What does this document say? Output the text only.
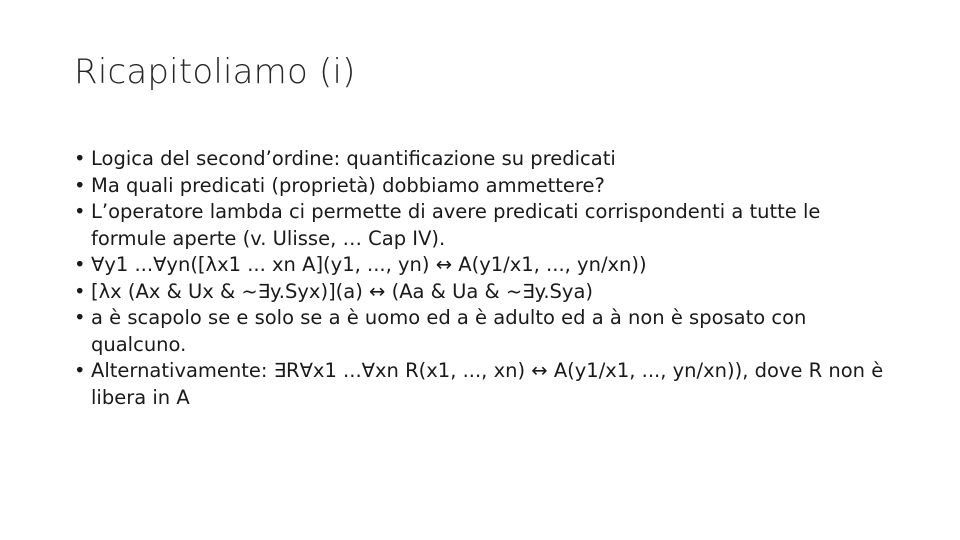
Ricapitoliamo (i)
• Logica del second’ordine: quantificazione su predicati
• Ma quali predicati (proprietà) dobbiamo ammettere?
• L’operatore lambda ci permette di avere predicati corrispondenti a tutte le formule aperte (v. Ulisse, … Cap IV).
• ∀y1 ...∀yn([λx1 ... xn A](y1, ..., yn) ↔ A(y1/x1, ..., yn/xn))
• [λx (Ax & Ux & ~∃y.Syx)](a) ↔ (Aa & Ua & ~∃y.Sya)
• a è scapolo se e solo se a è uomo ed a è adulto ed a à non è sposato con qualcuno.
• Alternativamente: ∃R∀x1 ...∀xn R(x1, ..., xn) ↔ A(y1/x1, ..., yn/xn)), dove R non è libera in A
